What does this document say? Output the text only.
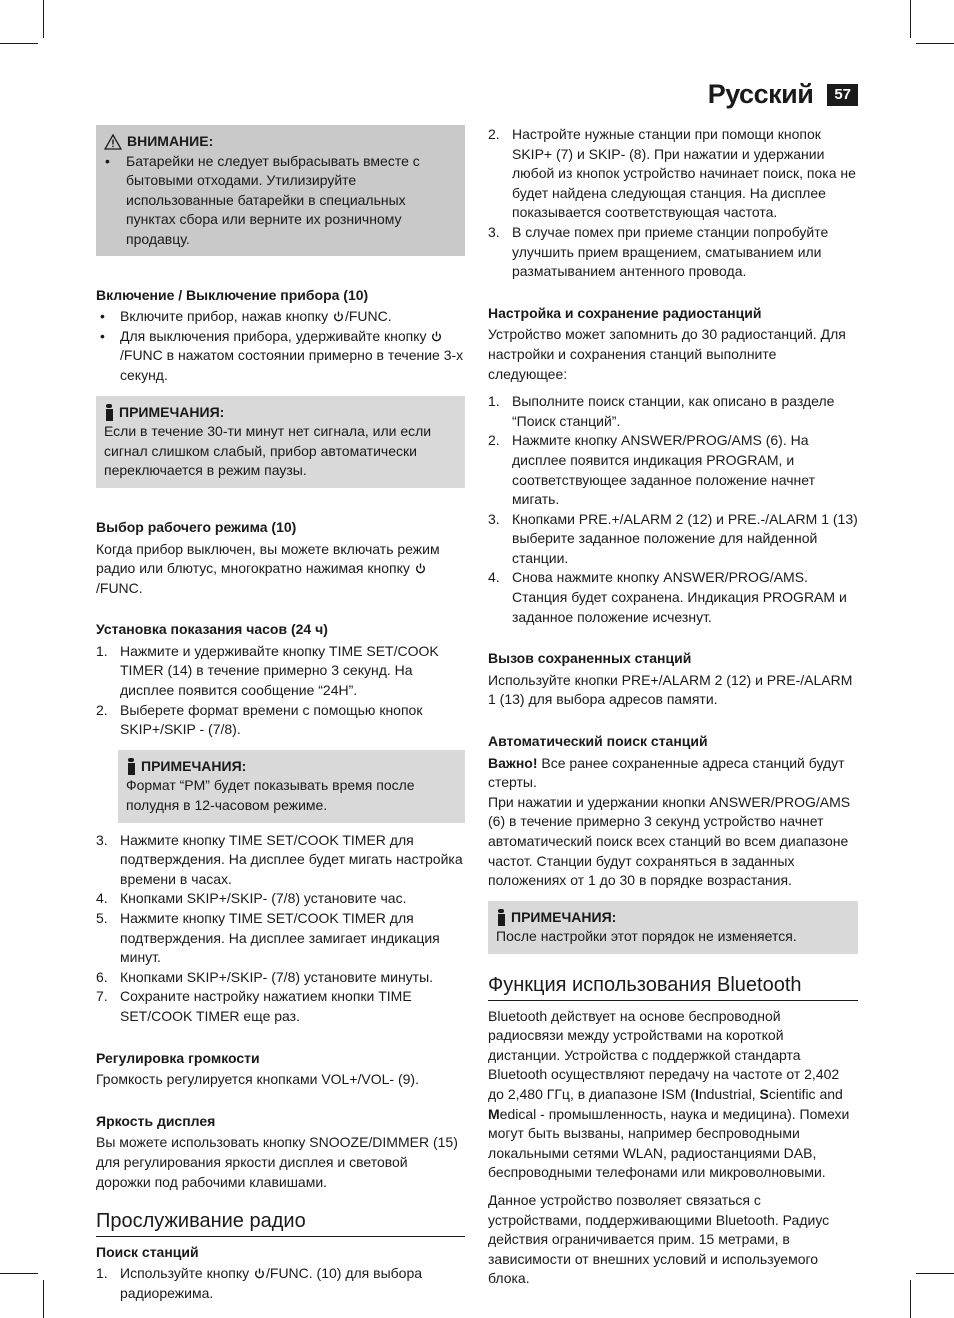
Русский	57
ВНИМАНИЕ:
• Батарейки не следует выбрасывать вместе с бытовыми отходами. Утилизируйте использованные батарейки в специальных пунктах сбора или верните их розничному продавцу.
Включение / Выключение прибора (10)
• Включите прибор, нажав кнопку /FUNC.
• Для выключения прибора, удерживайте кнопку /FUNC в нажатом состоянии примерно в течение 3-х секунд.
ПРИМЕЧАНИЯ:

Если в течение 30-ти минут нет сигнала, или если сигнал слишком слабый, прибор автоматически переключается в режим паузы.

Выбор рабочего режима (10)

Когда прибор выключен, вы можете включать режим радио или блютус, многократно нажимая кнопку /FUNC.

Установка показания часов (24 ч)
1. Нажмите и удерживайте кнопку TIME SET/COOK TIMER (14) в течение примерно 3 секунд. На дисплее появится сообщение “24H”.
2. Выберете формат времени с помощью кнопок SKIP+/SKIP - (7/8).
ПРИМЕЧАНИЯ:

Формат “PM” будет показывать время после полудня в 12-часовом режиме.

3. Нажмите кнопку TIME SET/COOK TIMER для подтверждения. На дисплее будет мигать настройка времени в часах.
4. Кнопками SKIP+/SKIP- (7/8) установите час.
5. Нажмите кнопку TIME SET/COOK TIMER для подтверждения. На дисплее замигает индикация минут.
6. Кнопками SKIP+/SKIP- (7/8) установите минуты.
7. Сохраните настройку нажатием кнопки TIME SET/COOK TIMER еще раз.
Регулировка громкости

Громкость регулируется кнопками VOL+/VOL- (9).

Яркость дисплея

Вы можете использовать кнопку SNOOZE/DIMMER (15) для регулирования яркости дисплея и световой дорожки под рабочими клавишами.

Прослуживание радио
Поиск станций
1. Используйте кнопку /FUNC. (10) для выбора радиорежима.
2. Настройте нужные станции при помощи кнопок SKIP+ (7) и SKIP- (8). При нажатии и удержании любой из кнопок устройство начинает поиск, пока не будет найдена следующая станция. На дисплее показывается соответствующая частота.
3. В случае помех при приеме станции попробуйте улучшить прием вращением, сматыванием или разматыванием антенного провода.
Настройка и сохранение радиостанций

Устройство может запомнить до 30 радиостанций. Для настройки и сохранения станций выполните следующее:

1. Выполните поиск станции, как описано в разделе “Поиск станций”.
2. Нажмите кнопку ANSWER/PROG/AMS (6). На дисплее появится индикация PROGRAM, и соответствующее заданное положение начнет мигать.
3. Кнопками PRE.+/ALARM 2 (12) и PRE.-/ALARM 1 (13) выберите заданное положение для найденной станции.
4. Снова нажмите кнопку ANSWER/PROG/AMS. Станция будет сохранена. Индикация PROGRAM и заданное положение исчезнут.
Вызов сохраненных станций

Используйте кнопки PRE+/ALARM 2 (12) и PRE-/ALARM 1 (13) для выбора адресов памяти.

Автоматический поиск станций

Важно! Все ранее сохраненные адреса станций будут стерты.

При нажатии и удержании кнопки ANSWER/PROG/AMS (6) в течение примерно 3 секунд устройство начнет автоматический поиск всех станций во всем диапазоне частот. Станции будут сохраняться в заданных положениях от 1 до 30 в порядке возрастания.

ПРИМЕЧАНИЯ:

После настройки этот порядок не изменяется.

Функция использования Bluetooth

Bluetooth действует на основе беспроводной радиосвязи между устройствами на короткой дистанции. Устройства с поддержкой стандарта Bluetooth осуществляют передачу на частоте от 2,402 до 2,480 ГГц, в диапазоне ISM (Industrial, Scientific and Medical - промышленность, наука и медицина). Помехи могут быть вызваны, например беспроводными локальными сетями WLAN, радиостанциями DAB, беспроводными телефонами или микроволновыми.

Данное устройство позволяет связаться с устройствами, поддерживающими Bluetooth. Радиус действия ограничивается прим. 15 метрами, в зависимости от внешних условий и используемого блока.
